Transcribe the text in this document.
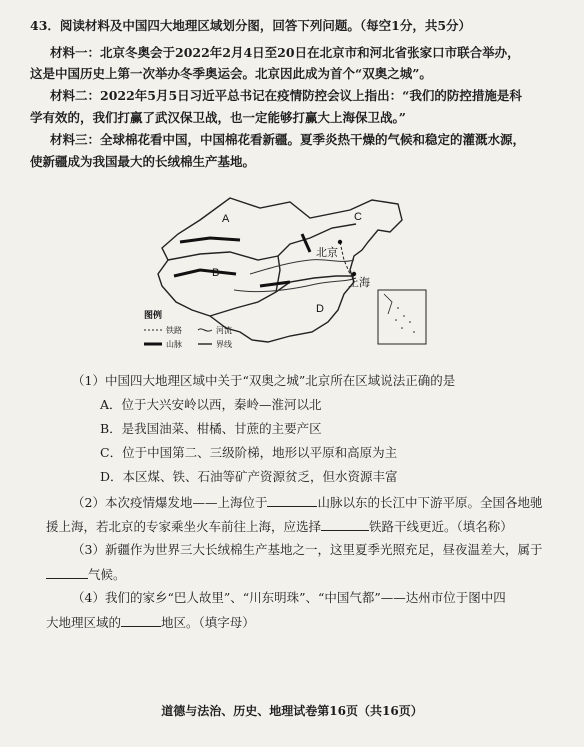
43．阅读材料及中国四大地理区域划分图，回答下列问题。（每空1分，共5分）
材料一：北京冬奥会于2022年2月4日至20日在北京市和河北省张家口市联合举办，
这是中国历史上第一次举办冬季奥运会。北京因此成为首个“双奥之城”。
材料二：2022年5月5日习近平总书记在疫情防控会议上指出：“我们的防控措施是科
学有效的，我们打赢了武汉保卫战，也一定能够打赢大上海保卫战。”
材料三：全球棉花看中国，中国棉花看新疆。夏季炎热干燥的气候和稳定的灌溉水源，
使新疆成为我国最大的长绒棉生产基地。
A
B
C
D
北京
上海
图例
铁路
山脉
河流
界线
（1）中国四大地理区域中关于“双奥之城”北京所在区域说法正确的是
A．位于大兴安岭以西，秦岭—淮河以北
B．是我国油菜、柑橘、甘蔗的主要产区
C．位于中国第二、三级阶梯，地形以平原和高原为主
D．本区煤、铁、石油等矿产资源贫乏，但水资源丰富
（2）本次疫情爆发地——上海位于	山脉以东的长江中下游平原。全国各地驰
援上海，若北京的专家乘坐火车前往上海，应选择	铁路干线更近。（填名称）
（3）新疆作为世界三大长绒棉生产基地之一，这里夏季光照充足，昼夜温差大，属于
气候。
（4）我们的家乡“巴人故里”、“川东明珠”、“中国气都”——达州市位于图中四
大地理区域的	地区。（填字母）
道德与法治、历史、地理试卷第16页（共16页）
